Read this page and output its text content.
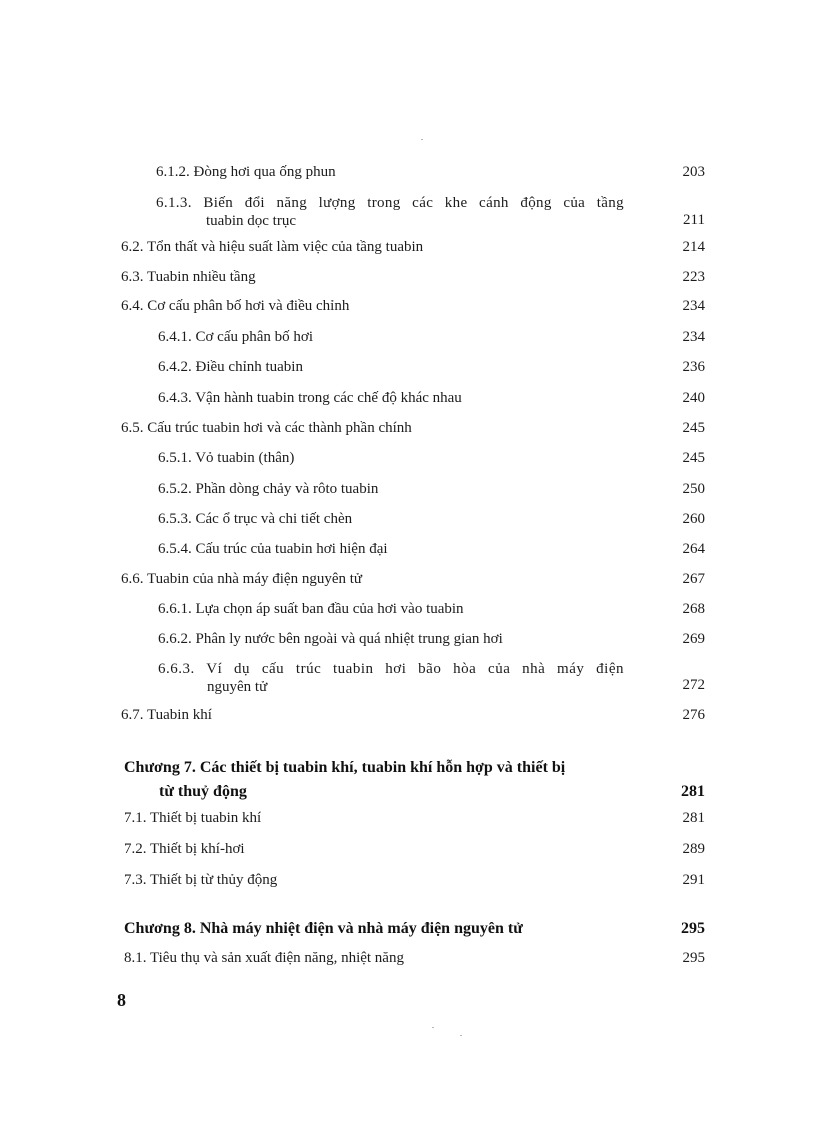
6.1.2. Đòng hơi qua ống phun	203
6.1.3. Biến đổi năng lượng trong các khe cánh động của tầng
tuabin dọc trục	211
6.2. Tổn thất và hiệu suất làm việc của tầng tuabin	214
6.3. Tuabin nhiều tầng	223
6.4. Cơ cấu phân bố hơi và điều chỉnh	234
6.4.1. Cơ cấu phân bố hơi	234
6.4.2. Điều chỉnh tuabin	236
6.4.3. Vận hành tuabin trong các chế độ khác nhau	240
6.5. Cấu trúc tuabin hơi và các thành phần chính	245
6.5.1. Vỏ tuabin (thân)	245
6.5.2. Phần dòng chảy và rôto tuabin	250
6.5.3. Các ổ trục và chi tiết chèn	260
6.5.4. Cấu trúc của tuabin hơi hiện đại	264
6.6. Tuabin của nhà máy điện nguyên tử	267
6.6.1. Lựa chọn áp suất ban đầu của hơi vào tuabin	268
6.6.2. Phân ly nước bên ngoài và quá nhiệt trung gian hơi	269
6.6.3. Ví dụ cấu trúc tuabin hơi bão hòa của nhà máy điện
nguyên tử	272
6.7. Tuabin khí	276
Chương 7. Các thiết bị tuabin khí, tuabin khí hỗn hợp và thiết bị
từ thuỷ động	281
7.1. Thiết bị tuabin khí	281
7.2. Thiết bị khí-hơi	289
7.3. Thiết bị từ thủy động	291
Chương 8. Nhà máy nhiệt điện và nhà máy điện nguyên tử	295
8.1. Tiêu thụ và sản xuất điện năng, nhiệt năng	295
8
